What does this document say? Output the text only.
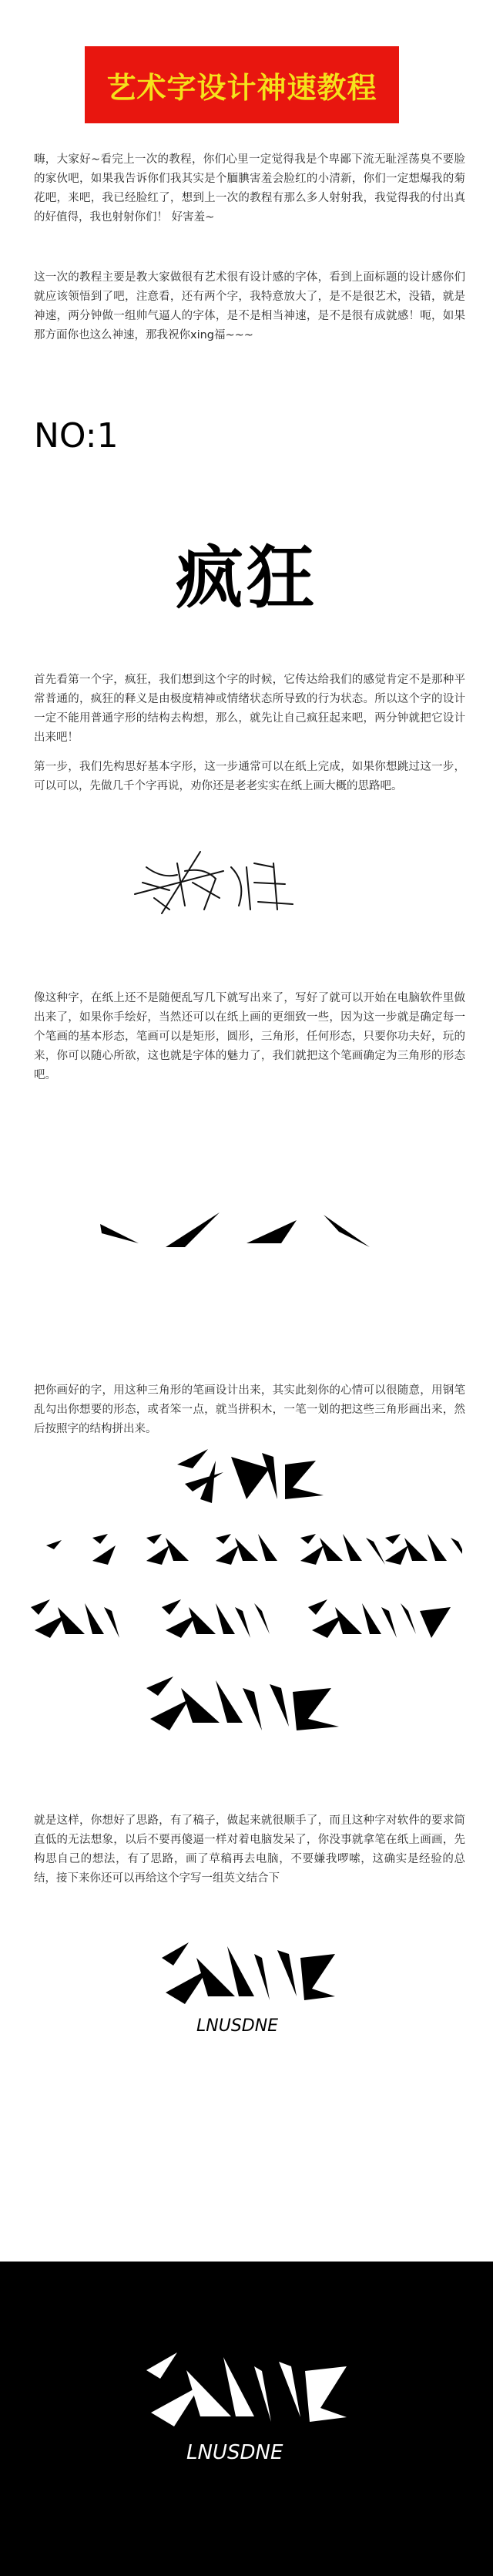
艺术字设计神速教程

嗨，大家好~看完上一次的教程，你们心里一定觉得我是个卑鄙下流无耻淫荡臭不要脸的家伙吧，如果我告诉你们我其实是个腼腆害羞会脸红的小清新，你们一定想爆我的菊花吧，来吧，我已经脸红了，想到上一次的教程有那么多人射射我，我觉得我的付出真的好值得，我也射射你们！ 好害羞~

这一次的教程主要是教大家做很有艺术很有设计感的字体，看到上面标题的设计感你们就应该领悟到了吧，注意看，还有两个字，我特意放大了，是不是很艺术，没错，就是神速，两分钟做一组帅气逼人的字体，是不是相当神速，是不是很有成就感！呃，如果那方面你也这么神速，那我祝你xing福~~~

NO:1
疯狂

首先看第一个字，疯狂，我们想到这个字的时候，它传达给我们的感觉肯定不是那种平常普通的，疯狂的释义是由极度精神或情绪状态所导致的行为状态。所以这个字的设计一定不能用普通字形的结构去构想，那么，就先让自己疯狂起来吧，两分钟就把它设计出来吧！

第一步，我们先构思好基本字形，这一步通常可以在纸上完成，如果你想跳过这一步，可以可以，先做几千个字再说，劝你还是老老实实在纸上画大概的思路吧。

像这种字，在纸上还不是随便乱写几下就写出来了，写好了就可以开始在电脑软件里做出来了，如果你手绘好，当然还可以在纸上画的更细致一些，因为这一步就是确定每一个笔画的基本形态，笔画可以是矩形，圆形，三角形，任何形态，只要你功夫好，玩的来，你可以随心所欲，这也就是字体的魅力了，我们就把这个笔画确定为三角形的形态吧。

把你画好的字，用这种三角形的笔画设计出来，其实此刻你的心情可以很随意，用钢笔乱勾出你想要的形态，或者笨一点，就当拼积木，一笔一划的把这些三角形画出来，然后按照字的结构拼出来。

就是这样，你想好了思路，有了稿子，做起来就很顺手了，而且这种字对软件的要求简直低的无法想象，以后不要再傻逼一样对着电脑发呆了，你没事就拿笔在纸上画画，先构思自己的想法，有了思路，画了草稿再去电脑，不要嫌我啰嗦，这确实是经验的总结，接下来你还可以再给这个字写一组英文结合下

LNUSDNE
LNUSDNE
